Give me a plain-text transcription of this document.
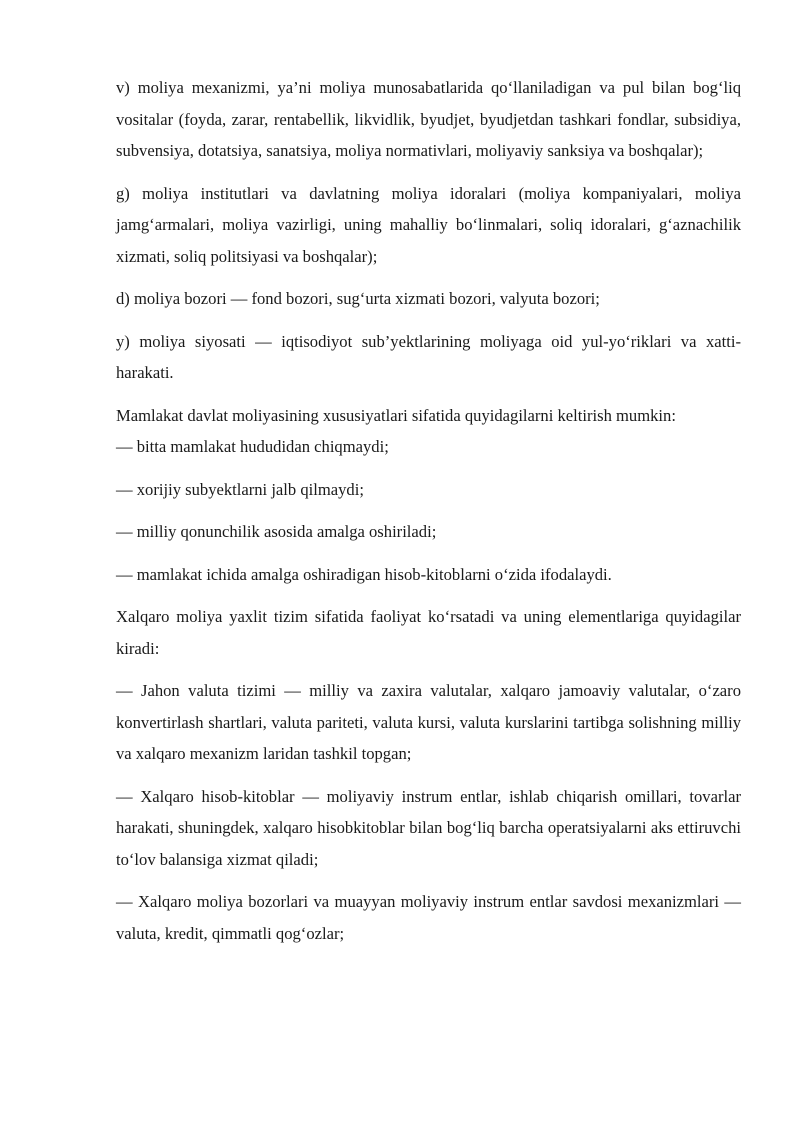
v) moliya mexanizmi, ya’ni moliya munosabatlarida qo‘llaniladigan va pul bilan bog‘liq vositalar (foyda, zarar, rentabellik, likvidlik, byudjet, byudjetdan tashkari fondlar, subsidiya, subvensiya, dotatsiya, sanatsiya, moliya normativlari, moliyaviy sanksiya va boshqalar);

g) moliya institutlari va davlatning moliya idoralari (moliya kompaniyalari, moliya jamg‘armalari, moliya vazirligi, uning mahalliy bo‘linmalari, soliq idoralari, g‘aznachilik xizmati, soliq politsiyasi va boshqalar);

d) moliya bozori — fond bozori, sug‘urta xizmati bozori, valyuta bozori;

y) moliya siyosati — iqtisodiyot sub’yektlarining moliyaga oid yul-yo‘riklari va xatti-harakati.

Mamlakat davlat moliyasining xususiyatlari sifatida quyidagilarni keltirish mumkin:

— bitta mamlakat hududidan chiqmaydi;

— xorijiy subyektlarni jalb qilmaydi;

— milliy qonunchilik asosida amalga oshiriladi;

— mamlakat ichida amalga oshiradigan hisob-kitoblarni o‘zida ifodalaydi.

Xalqaro moliya yaxlit tizim sifatida faoliyat ko‘rsatadi va uning elementlariga quyidagilar kiradi:

— Jahon valuta tizimi — milliy va zaxira valutalar, xalqaro jamoaviy valutalar, o‘zaro konvertirlash shartlari, valuta pariteti, valuta kursi, valuta kurslarini tartibga solishning milliy va xalqaro mexanizm laridan tashkil topgan;

— Xalqaro hisob-kitoblar — moliyaviy instrum entlar, ishlab chiqarish omillari, tovarlar harakati, shuningdek, xalqaro hisobkitoblar bilan bog‘liq barcha operatsiyalarni aks ettiruvchi to‘lov balansiga xizmat qiladi;

— Xalqaro moliya bozorlari va muayyan moliyaviy instrum entlar savdosi mexanizmlari — valuta, kredit, qimmatli qog‘ozlar;
